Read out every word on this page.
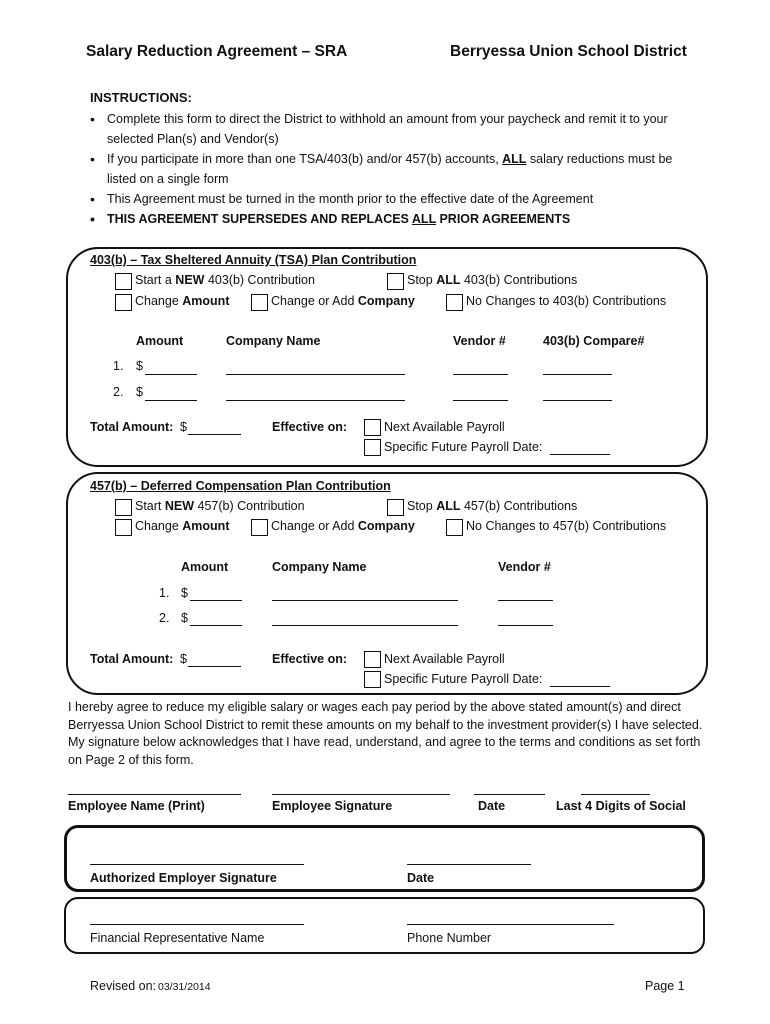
Salary Reduction Agreement – SRA	Berryessa Union School District
INSTRUCTIONS:
• Complete this form to direct the District to withhold an amount from your paycheck and remit it to your selected Plan(s) and Vendor(s)
• If you participate in more than one TSA/403(b) and/or 457(b) accounts, ALL salary reductions must be listed on a single form
• This Agreement must be turned in the month prior to the effective date of the Agreement
• THIS AGREEMENT SUPERSEDES AND REPLACES ALL PRIOR AGREEMENTS
403(b) – Tax Sheltered Annuity (TSA) Plan Contribution
Start a NEW 403(b) Contribution	Stop ALL 403(b) Contributions
Change Amount	Change or Add Company	No Changes to 403(b) Contributions
Amount	Company Name	Vendor #	403(b) Compare#
1. $
2. $
Total Amount: $	Effective on:	Next Available Payroll
Specific Future Payroll Date:
457(b) – Deferred Compensation Plan Contribution
Start NEW 457(b) Contribution	Stop ALL 457(b) Contributions
Change Amount	Change or Add Company	No Changes to 457(b) Contributions
Amount	Company Name	Vendor #
1. $
2. $
Total Amount: $	Effective on:	Next Available Payroll
Specific Future Payroll Date:
I hereby agree to reduce my eligible salary or wages each pay period by the above stated amount(s) and direct Berryessa Union School District to remit these amounts on my behalf to the investment provider(s) I have selected. My signature below acknowledges that I have read, understand, and agree to the terms and conditions as set forth on Page 2 of this form.
Employee Name (Print)	Employee Signature	Date	Last 4 Digits of Social
Authorized Employer Signature	Date
Financial Representative Name	Phone Number
Revised on: 03/31/2014	Page 1
